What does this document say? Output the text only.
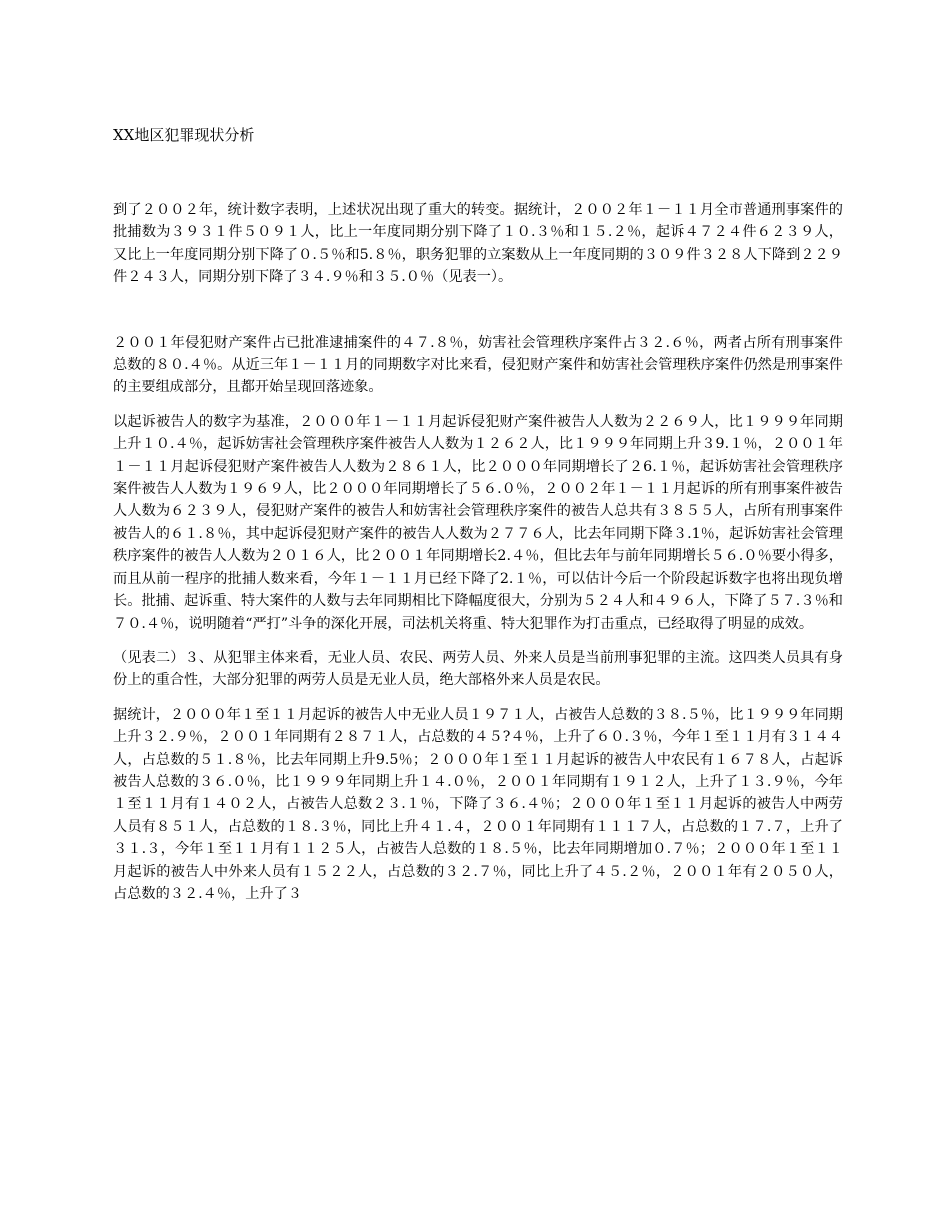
XX地区犯罪现状分析

到了２００２年，统计数字表明，上述状况出现了重大的转变。据统计，２００２年１－１１月全市普通刑事案件的批捕数为３９３１件５０９１人，比上一年度同期分别下降了１０.３％和１５.２％，起诉４７２４件６２３９人，又比上一年度同期分别下降了０.５％和5.８％，职务犯罪的立案数从上一年度同期的３０９件３２８人下降到２２９件２４３人，同期分别下降了３４.９％和３５.０％（见表一）。

２００１年侵犯财产案件占已批准逮捕案件的４７.８％，妨害社会管理秩序案件占３２.６％，两者占所有刑事案件总数的８０.４％。从近三年１－１１月的同期数字对比来看，侵犯财产案件和妨害社会管理秩序案件仍然是刑事案件的主要组成部分，且都开始呈现回落迹象。

以起诉被告人的数字为基准，２０００年１－１１月起诉侵犯财产案件被告人人数为２２６９人，比１９９９年同期上升１０.４％，起诉妨害社会管理秩序案件被告人人数为１２６２人，比１９９９年同期上升３9.１％，２００１年１－１１月起诉侵犯财产案件被告人人数为２８６１人，比２０００年同期增长了２6.１％，起诉妨害社会管理秩序案件被告人人数为１９６９人，比２０００年同期增长了５６.０％，２００２年１－１１月起诉的所有刑事案件被告人人数为６２３９人，侵犯财产案件的被告人和妨害社会管理秩序案件的被告人总共有３８５５人，占所有刑事案件被告人的６１.８％，其中起诉侵犯财产案件的被告人人数为２７７６人，比去年同期下降３.1％，起诉妨害社会管理秩序案件的被告人人数为２０１６人，比２００１年同期增长2.４％，但比去年与前年同期增长５６.０％要小得多，而且从前一程序的批捕人数来看，今年１－１１月已经下降了2.１％，可以估计今后一个阶段起诉数字也将出现负增长。批捕、起诉重、特大案件的人数与去年同期相比下降幅度很大，分别为５２４人和４９６人，下降了５７.３％和７０.４％，说明随着“严打”斗争的深化开展，司法机关将重、特大犯罪作为打击重点，已经取得了明显的成效。

（见表二）３、从犯罪主体来看，无业人员、农民、两劳人员、外来人员是当前刑事犯罪的主流。这四类人员具有身份上的重合性，大部分犯罪的两劳人员是无业人员，绝大部格外来人员是农民。

据统计，２０００年１至１１月起诉的被告人中无业人员１９７１人，占被告人总数的３８.５％，比１９９９年同期上升３２.９％，２００１年同期有２８７１人，占总数的４５?４％，上升了６０.３％，今年１至１１月有３１４４人，占总数的５１.８％，比去年同期上升9.5％；２０００年１至１１月起诉的被告人中农民有１６７８人，占起诉被告人总数的３６.０％，比１９９９年同期上升１４.０％，２００１年同期有１９１２人，上升了１３.９％，今年１至１１月有１４０２人，占被告人总数２３.１％，下降了３６.４％；２０００年１至１１月起诉的被告人中两劳人员有８５１人，占总数的１８.３％，同比上升４１.４，２００１年同期有１１１７人，占总数的１７.７，上升了３１.３，今年１至１１月有１１２５人，占被告人总数的１８.５％，比去年同期增加０.７％；２０００年１至１１月起诉的被告人中外来人员有１５２２人，占总数的３２.７％，同比上升了４５.２％，２００１年有２０５０人，占总数的３２.４％，上升了３
